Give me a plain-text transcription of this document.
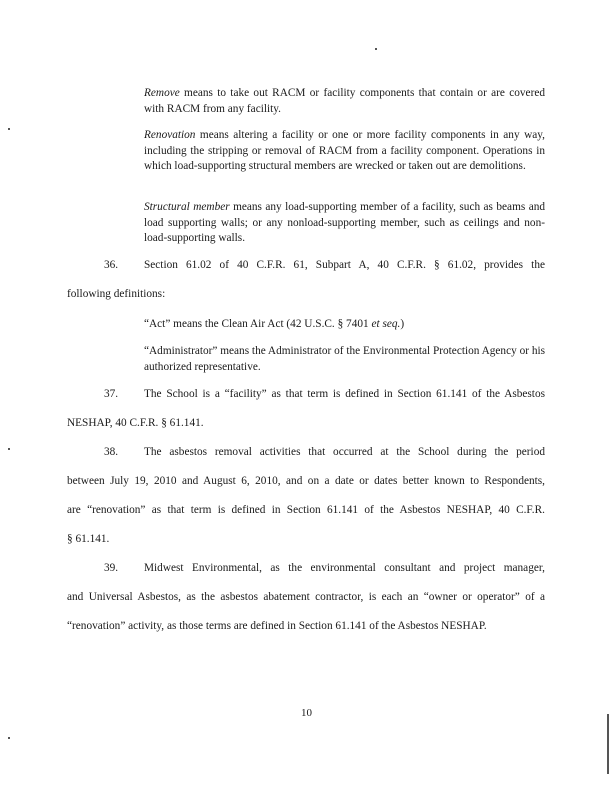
Remove means to take out RACM or facility components that contain or are covered with RACM from any facility.
Renovation means altering a facility or one or more facility components in any way, including the stripping or removal of RACM from a facility component. Operations in which load-supporting structural members are wrecked or taken out are demolitions.
Structural member means any load-supporting member of a facility, such as beams and load supporting walls; or any nonload-supporting member, such as ceilings and non-load-supporting walls.
36. Section 61.02 of 40 C.F.R. 61, Subpart A, 40 C.F.R. § 61.02, provides the
following definitions:
“Act” means the Clean Air Act (42 U.S.C. § 7401 et seq.)
“Administrator” means the Administrator of the Environmental Protection Agency or his authorized representative.
37. The School is a “facility” as that term is defined in Section 61.141 of the Asbestos
NESHAP, 40 C.F.R. § 61.141.
38. The asbestos removal activities that occurred at the School during the period
between July 19, 2010 and August 6, 2010, and on a date or dates better known to Respondents,
are “renovation” as that term is defined in Section 61.141 of the Asbestos NESHAP, 40 C.F.R.
§ 61.141.
39. Midwest Environmental, as the environmental consultant and project manager,
and Universal Asbestos, as the asbestos abatement contractor, is each an “owner or operator” of a
“renovation” activity, as those terms are defined in Section 61.141 of the Asbestos NESHAP.
10
